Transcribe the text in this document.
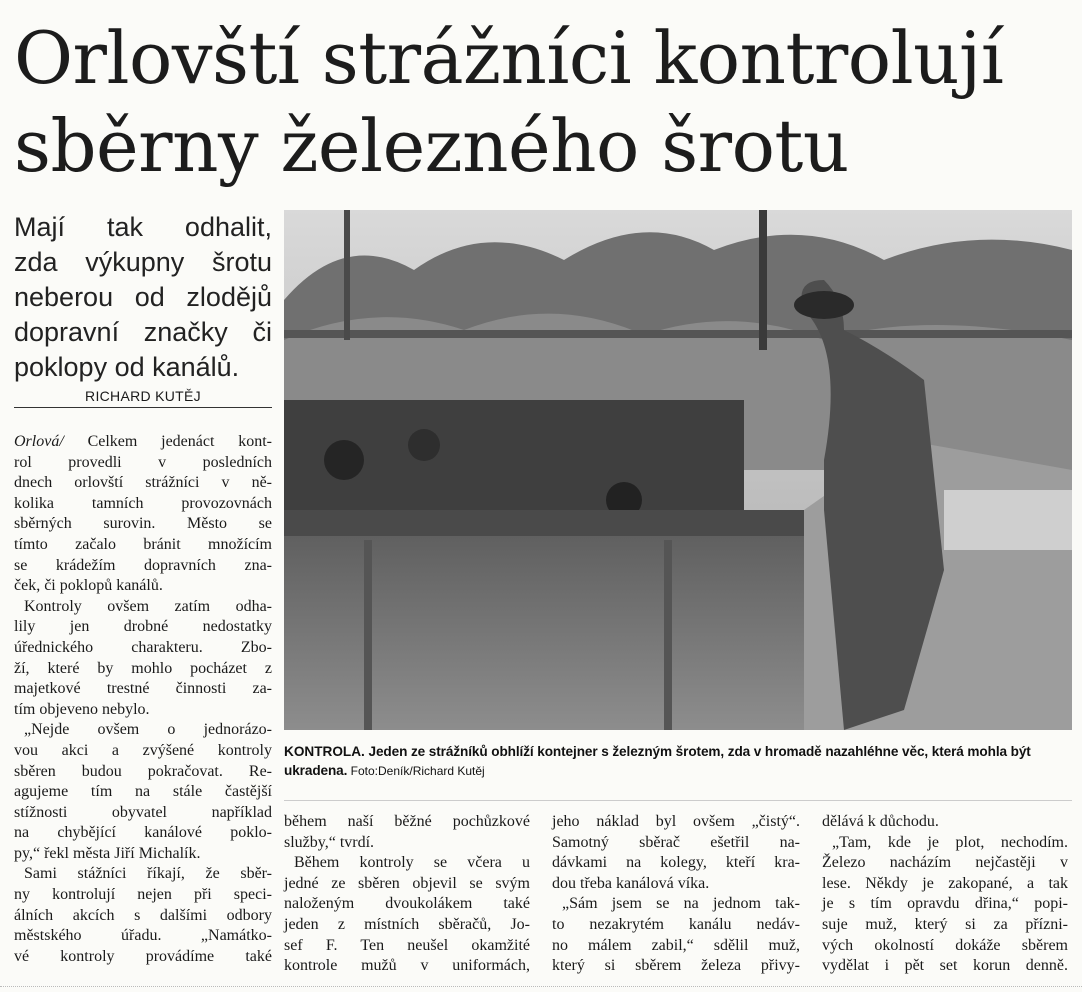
Orlovští strážníci kontrolují
sběrny železného šrotu
Mají tak odhalit,
zda výkupny šrotu
neberou od zlodějů
dopravní značky či
poklopy od kanálů.
RICHARD KUTĚJ
Orlová/ Celkem jedenáct kont-
rol provedli v posledních
dnech orlovští strážníci v ně-
kolika tamních provozovnách
sběrných surovin. Město se
tímto začalo bránit množícím
se krádežím dopravních zna-
ček, či poklopů kanálů.
Kontroly ovšem zatím odha-
lily jen drobné nedostatky
úřednického charakteru. Zbo-
ží, které by mohlo pocházet z
majetkové trestné činnosti za-
tím objeveno nebylo.
„Nejde ovšem o jednorázo-
vou akci a zvýšené kontroly
sběren budou pokračovat. Re-
agujeme tím na stále častější
stížnosti obyvatel například
na chybějící kanálové poklo-
py,“ řekl města Jiří Michalík.
Sami stážníci říkají, že sběr-
ny kontrolují nejen při speci-
álních akcích s dalšími odbory
městského úřadu. „Namátko-
vé kontroly provádíme také
KONTROLA. Jeden ze strážníků obhlíží kontejner s železným šrotem, zda v hromadě nazahléhne věc, která mohla být ukradena. Foto:Deník/Richard Kutěj
během naší běžné pochůzkové
služby,“ tvrdí.
Během kontroly se včera u
jedné ze sběren objevil se svým
naloženým dvoukolákem také
jeden z místních sběračů, Jo-
sef F. Ten neušel okamžité
kontrole mužů v uniformách,
jeho náklad byl ovšem „čistý“.
Samotný sběrač ešetřil na-
dávkami na kolegy, kteří kra-
dou třeba kanálová víka.
„Sám jsem se na jednom tak-
to nezakrytém kanálu nedáv-
no málem zabil,“ sdělil muž,
který si sběrem železa přivy-
dělává k důchodu.
„Tam, kde je plot, nechodím.
Železo nacházím nejčastěji v
lese. Někdy je zakopané, a tak
je s tím opravdu dřina,“ popi-
suje muž, který si za přízni-
vých okolností dokáže sběrem
vydělat i pět set korun denně.
